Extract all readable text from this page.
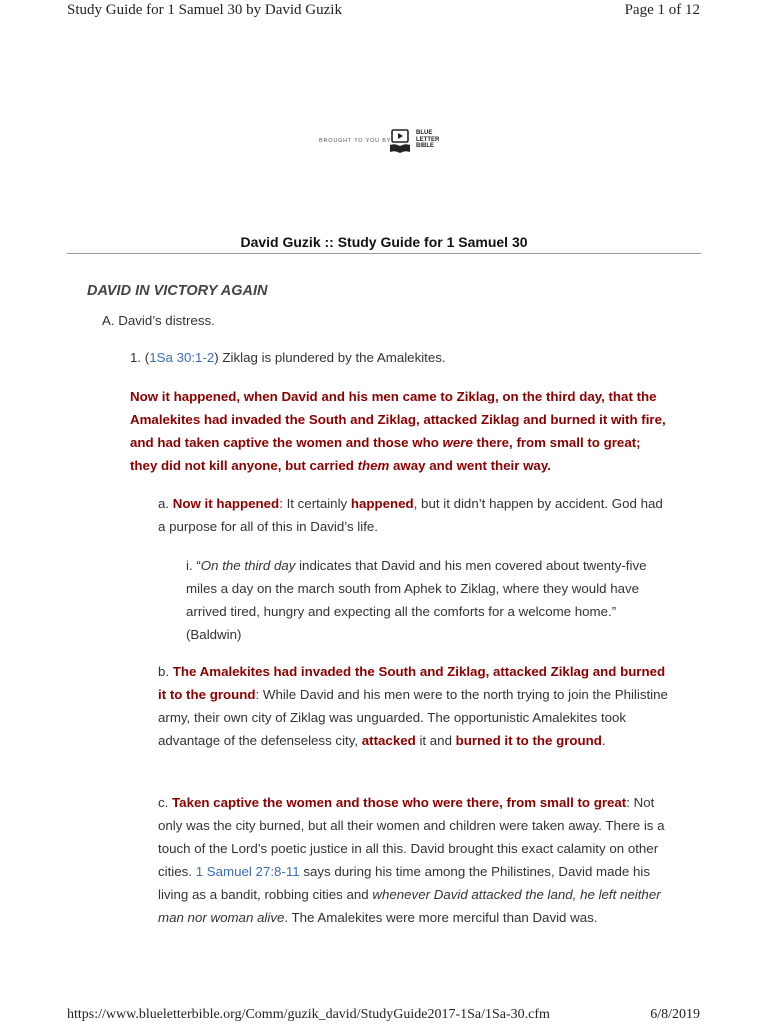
Study Guide for 1 Samuel 30 by David Guzik	Page 1 of 12
BROUGHT TO YOU BY
BLUE
LETTER
BIBLE
David Guzik :: Study Guide for 1 Samuel 30
DAVID IN VICTORY AGAIN

A. David’s distress.

1. (1Sa 30:1-2) Ziklag is plundered by the Amalekites.

Now it happened, when David and his men came to Ziklag, on the third day, that the Amalekites had invaded the South and Ziklag, attacked Ziklag and burned it with fire, and had taken captive the women and those who were there, from small to great; they did not kill anyone, but carried them away and went their way.

a. Now it happened: It certainly happened, but it didn’t happen by accident. God had a purpose for all of this in David’s life.

i. “On the third day indicates that David and his men covered about twenty-five miles a day on the march south from Aphek to Ziklag, where they would have arrived tired, hungry and expecting all the comforts for a welcome home.” (Baldwin)

b. The Amalekites had invaded the South and Ziklag, attacked Ziklag and burned it to the ground: While David and his men were to the north trying to join the Philistine army, their own city of Ziklag was unguarded. The opportunistic Amalekites took advantage of the defenseless city, attacked it and burned it to the ground.

c. Taken captive the women and those who were there, from small to great: Not only was the city burned, but all their women and children were taken away. There is a touch of the Lord’s poetic justice in all this. David brought this exact calamity on other cities. 1 Samuel 27:8-11 says during his time among the Philistines, David made his living as a bandit, robbing cities and whenever David attacked the land, he left neither man nor woman alive. The Amalekites were more merciful than David was.

https://www.blueletterbible.org/Comm/guzik_david/StudyGuide2017-1Sa/1Sa-30.cfm	6/8/2019
